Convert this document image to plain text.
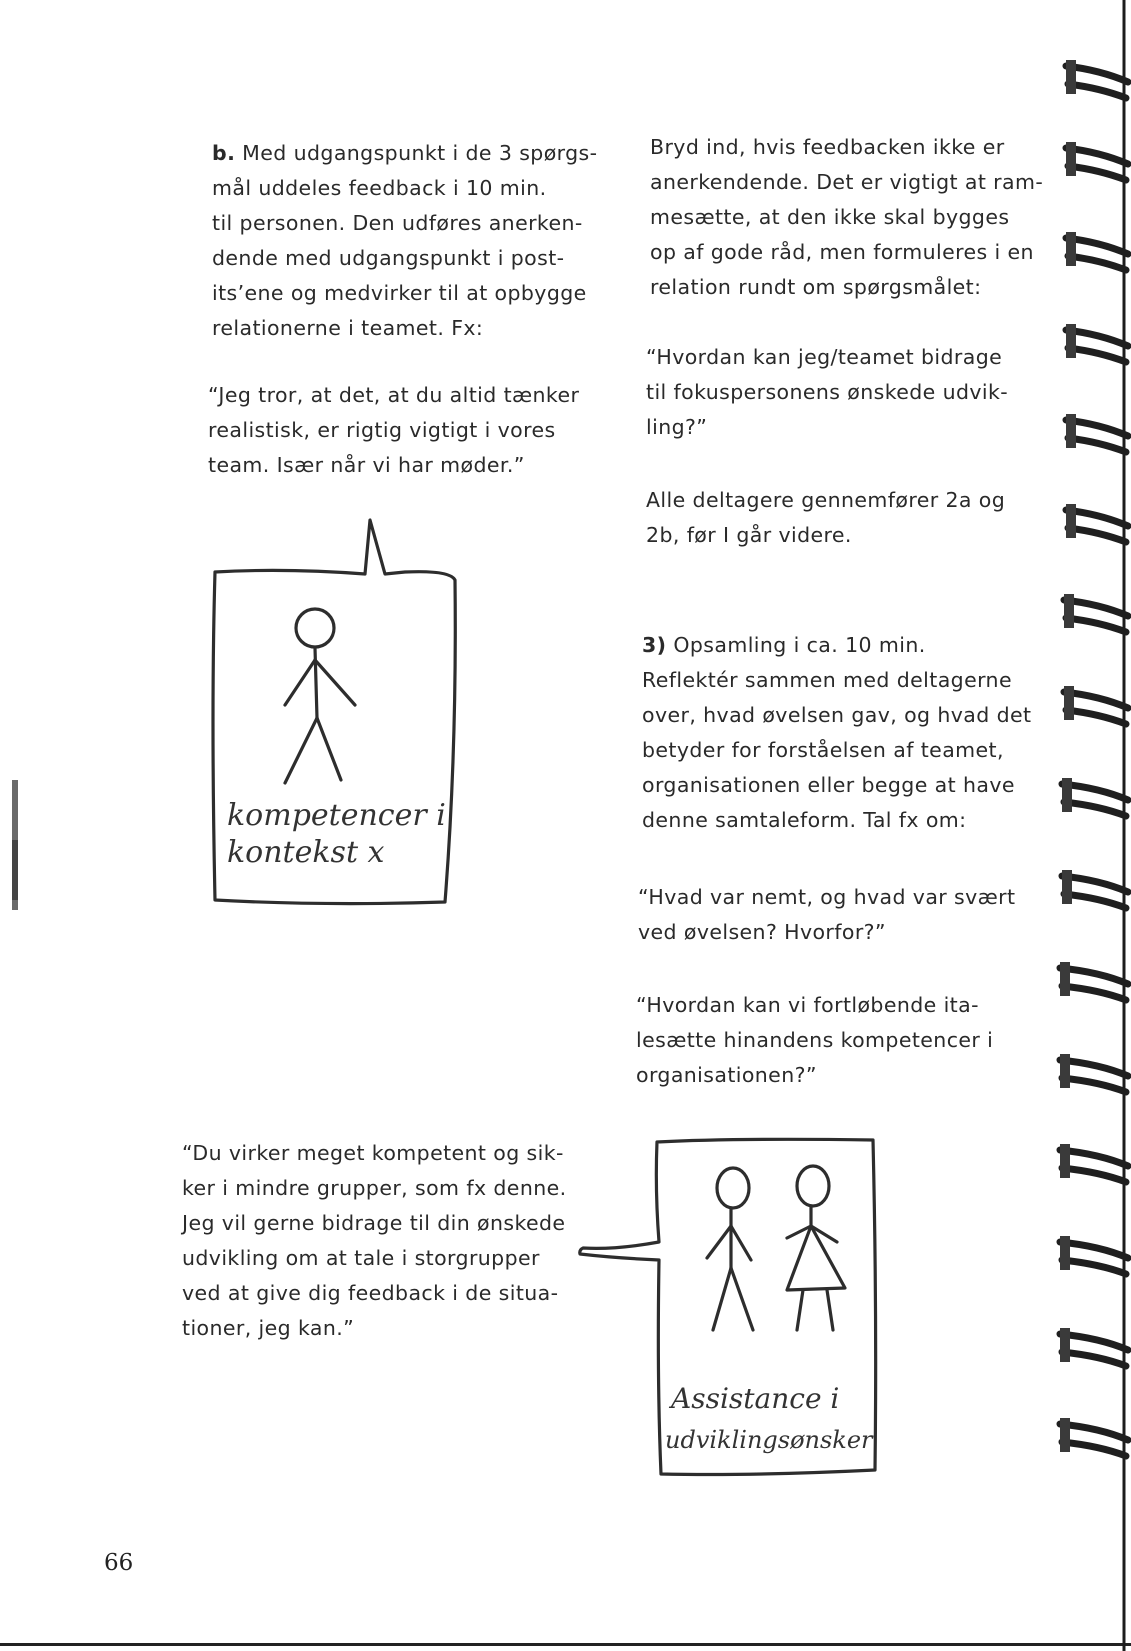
b. Med udgangspunkt i de 3 spørgs-
mål uddeles feedback i 10 min.
til personen. Den udføres anerken-
dende med udgangspunkt i post-
its’ene og medvirker til at opbygge
relationerne i teamet. Fx:

“Jeg tror, at det, at du altid tænker
realistisk, er rigtig vigtigt i vores
team. Især når vi har møder.”

kompetencer i
kontekst x

“Du virker meget kompetent og sik-
ker i mindre grupper, som fx denne.
Jeg vil gerne bidrage til din ønskede
udvikling om at tale i storgrupper
ved at give dig feedback i de situa-
tioner, jeg kan.”

Bryd ind, hvis feedbacken ikke er
anerkendende. Det er vigtigt at ram-
mesætte, at den ikke skal bygges
op af gode råd, men formuleres i en
relation rundt om spørgsmålet:

“Hvordan kan jeg/teamet bidrage
til fokuspersonens ønskede udvik-
ling?”

Alle deltagere gennemfører 2a og
2b, før I går videre.

3) Opsamling i ca. 10 min.
Reflektér sammen med deltagerne
over, hvad øvelsen gav, og hvad det
betyder for forståelsen af teamet,
organisationen eller begge at have
denne samtaleform. Tal fx om:

“Hvad var nemt, og hvad var svært
ved øvelsen? Hvorfor?”

“Hvordan kan vi fortløbende ita-
lesætte hinandens kompetencer i
organisationen?”

Assistance i
udviklingsønsker
66
